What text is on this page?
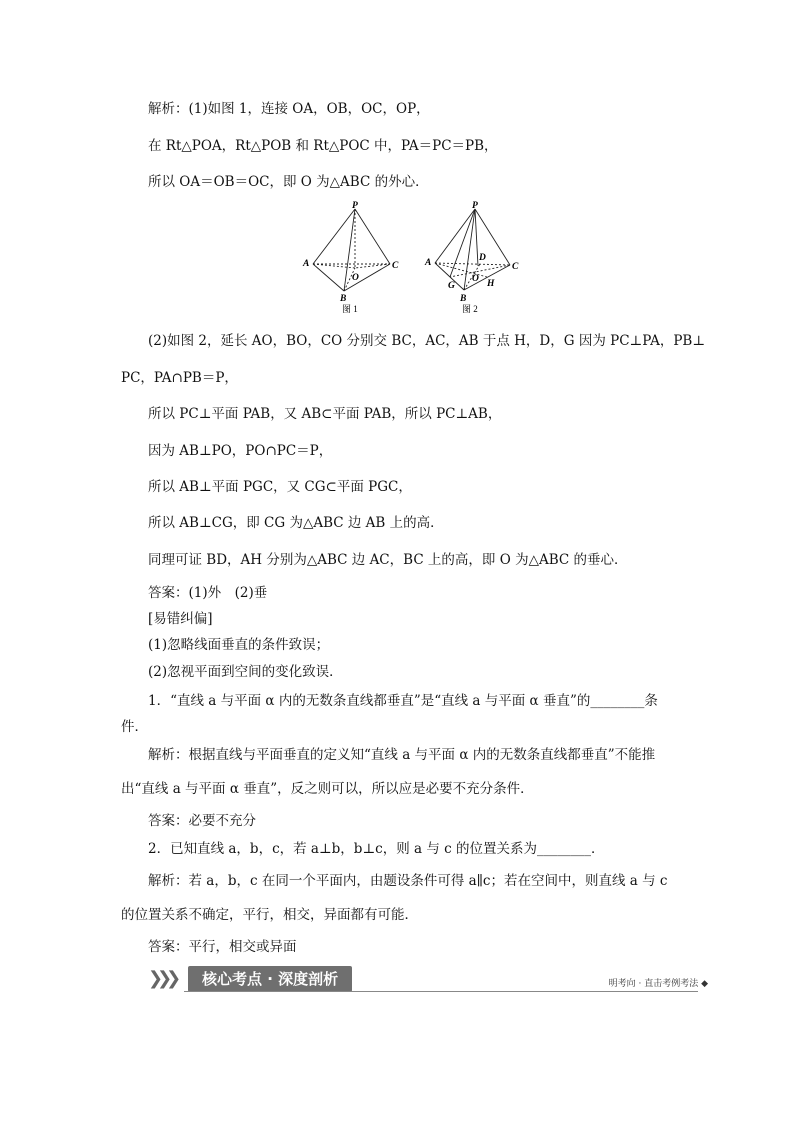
解析：(1)如图 1，连接 OA，OB，OC，OP，
在 Rt△POA，Rt△POB 和 Rt△POC 中，PA＝PC＝PB，
所以 OA＝OB＝OC，即 O 为△ABC 的外心．
(2)如图 2，延长 AO，BO，CO 分别交 BC，AC，AB 于点 H，D，G 因为 PC⊥PA，PB⊥
PC，PA∩PB＝P，
所以 PC⊥平面 PAB，又 AB⊂平面 PAB，所以 PC⊥AB，
因为 AB⊥PO，PO∩PC＝P，
所以 AB⊥平面 PGC，又 CG⊂平面 PGC，
所以 AB⊥CG，即 CG 为△ABC 边 AB 上的高．
同理可证 BD，AH 分别为△ABC 边 AC，BC 上的高，即 O 为△ABC 的垂心．
答案：(1)外　(2)垂
[易错纠偏]
(1)忽略线面垂直的条件致误；
(2)忽视平面到空间的变化致误．
1．“直线 a 与平面 α 内的无数条直线都垂直”是“直线 a 与平面 α 垂直”的________条
件．
解析：根据直线与平面垂直的定义知“直线 a 与平面 α 内的无数条直线都垂直”不能推
出“直线 a 与平面 α 垂直”，反之则可以，所以应是必要不充分条件．
答案：必要不充分
2．已知直线 a，b，c，若 a⊥b，b⊥c，则 a 与 c 的位置关系为________．
解析：若 a，b，c 在同一个平面内，由题设条件可得 a∥c；若在空间中，则直线 a 与 c
的位置关系不确定，平行，相交，异面都有可能．
答案：平行，相交或异面
P
A	C
O
B
图 1
P
A	D
C
O H
G
B
图 2
❯❯❯	核心考点 · 深度剖析	明考向 · 直击考例考法 ◆
